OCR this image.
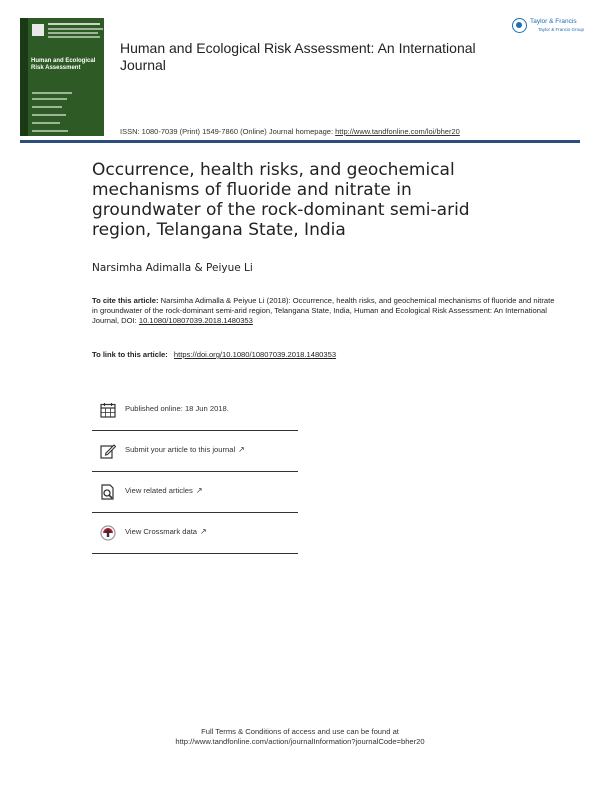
Human and Ecological Risk Assessment
Human and Ecological Risk Assessment: An International Journal
ISSN: 1080-7039 (Print) 1549-7860 (Online) Journal homepage: http://www.tandfonline.com/loi/bher20
Taylor & Francis
Taylor & Francis Group
Occurrence, health risks, and geochemical mechanisms of fluoride and nitrate in groundwater of the rock-dominant semi-arid region, Telangana State, India
Narsimha Adimalla & Peiyue Li
To cite this article: Narsimha Adimalla & Peiyue Li (2018): Occurrence, health risks, and geochemical mechanisms of fluoride and nitrate in groundwater of the rock-dominant semi-arid region, Telangana State, India, Human and Ecological Risk Assessment: An International Journal, DOI: 10.1080/10807039.2018.1480353
To link to this article: https://doi.org/10.1080/10807039.2018.1480353
Published online: 18 Jun 2018.
Submit your article to this journal ↗
View related articles ↗
View Crossmark data ↗
Full Terms & Conditions of access and use can be found at
http://www.tandfonline.com/action/journalInformation?journalCode=bher20
